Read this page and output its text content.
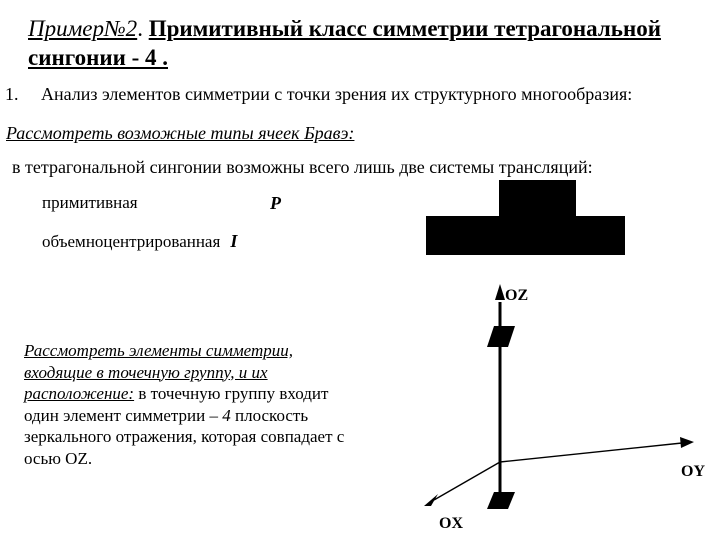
Пример№2. Примитивный класс симметрии тетрагональной
сингонии - 4 .
1. Анализ элементов симметрии с точки зрения их структурного многообразия:
Рассмотреть возможные типы ячеек Бравэ:
в тетрагональной сингонии возможны всего лишь две системы трансляций:
примитивная	P
объемноцентрированная I
OZ
OY
OX
Рассмотреть элементы симметрии, входящие в точечную группу, и их расположение: в точечную группу входит один элемент симметрии – 4 плоскость зеркального отражения, которая совпадает с осью OZ.
